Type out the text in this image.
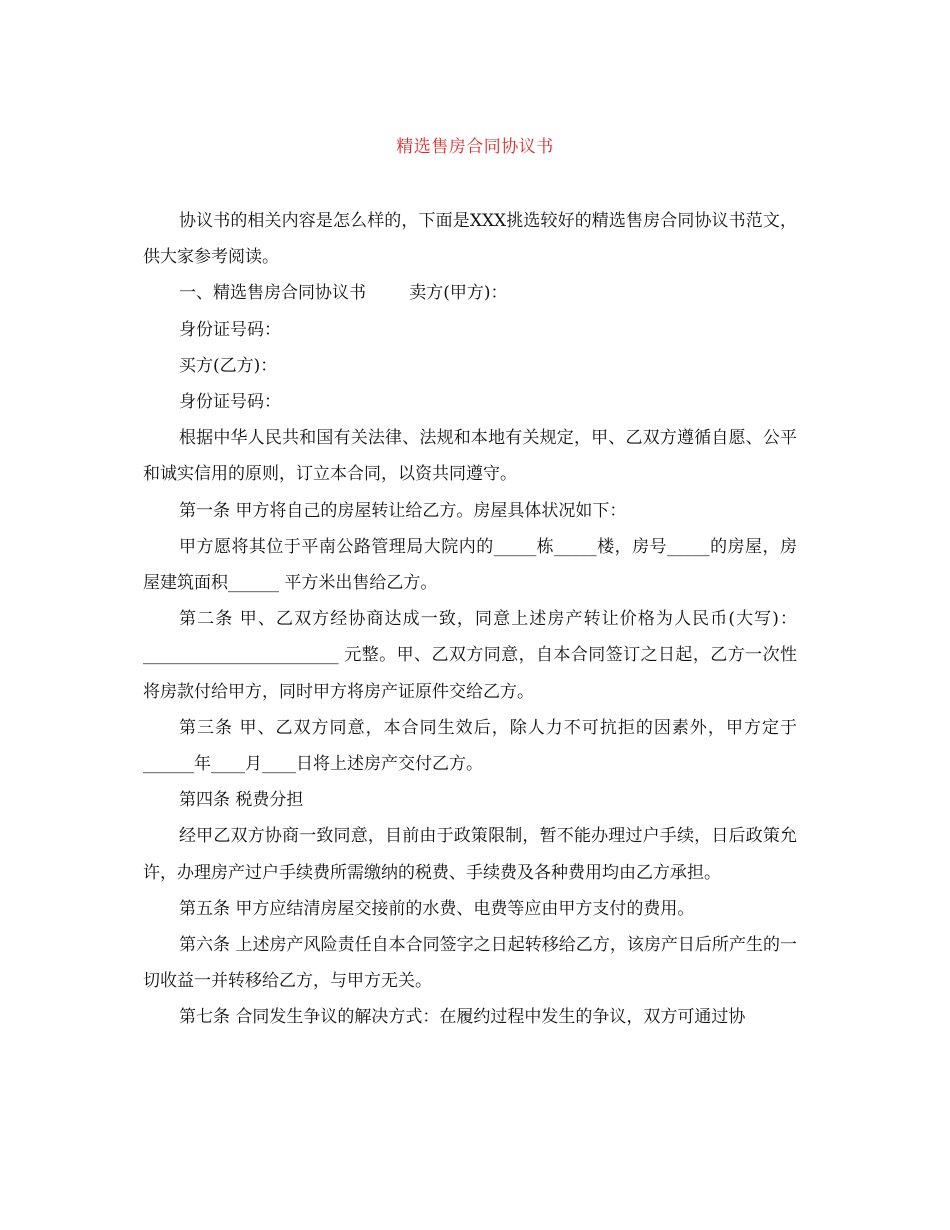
精选售房合同协议书

协议书的相关内容是怎么样的，下面是XXX挑选较好的精选售房合同协议书范文，供大家参考阅读。

一、精选售房合同协议书        卖方(甲方)：

身份证号码：

买方(乙方)：

身份证号码：

根据中华人民共和国有关法律、法规和本地有关规定，甲、乙双方遵循自愿、公平和诚实信用的原则，订立本合同，以资共同遵守。

第一条 甲方将自己的房屋转让给乙方。房屋具体状况如下：

甲方愿将其位于平南公路管理局大院内的_____栋_____楼，房号_____的房屋，房屋建筑面积______ 平方米出售给乙方。

第二条 甲、乙双方经协商达成一致，同意上述房产转让价格为人民币(大写)：_______________________ 元整。甲、乙双方同意，自本合同签订之日起，乙方一次性将房款付给甲方，同时甲方将房产证原件交给乙方。

第三条 甲、乙双方同意，本合同生效后，除人力不可抗拒的因素外，甲方定于______年____月____日将上述房产交付乙方。

第四条 税费分担

经甲乙双方协商一致同意，目前由于政策限制，暂不能办理过户手续，日后政策允许，办理房产过户手续费所需缴纳的税费、手续费及各种费用均由乙方承担。

第五条 甲方应结清房屋交接前的水费、电费等应由甲方支付的费用。

第六条 上述房产风险责任自本合同签字之日起转移给乙方，该房产日后所产生的一切收益一并转移给乙方，与甲方无关。

第七条 合同发生争议的解决方式：在履约过程中发生的争议，双方可通过协
